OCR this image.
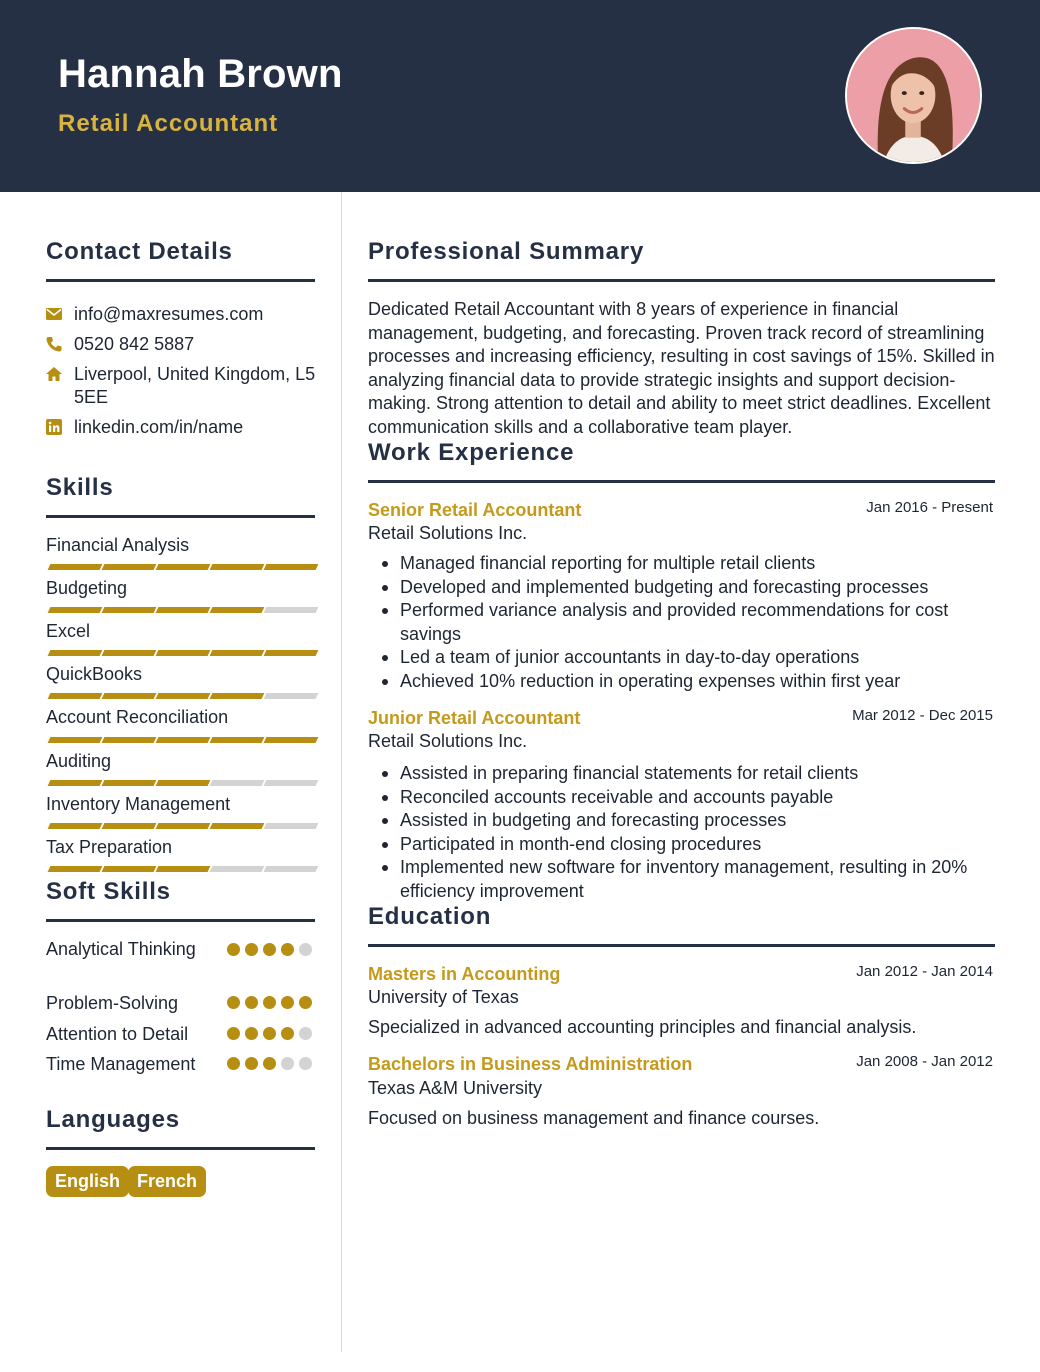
Hannah Brown
Retail Accountant
Contact Details
info@maxresumes.com
0520 842 5887
Liverpool, United Kingdom, L5 5EE
linkedin.com/in/name
Skills
Financial Analysis
Budgeting
Excel
QuickBooks
Account Reconciliation
Auditing
Inventory Management
Tax Preparation
Soft Skills
Analytical Thinking
Problem-Solving
Attention to Detail
Time Management
Languages
English French
Professional Summary
Dedicated Retail Accountant with 8 years of experience in financial management, budgeting, and forecasting. Proven track record of streamlining processes and increasing efficiency, resulting in cost savings of 15%. Skilled in analyzing financial data to provide strategic insights and support decision-making. Strong attention to detail and ability to meet strict deadlines. Excellent communication skills and a collaborative team player.
Work Experience
Senior Retail Accountant	Jan 2016 - Present
Retail Solutions Inc.
Managed financial reporting for multiple retail clients
Developed and implemented budgeting and forecasting processes
Performed variance analysis and provided recommendations for cost savings
Led a team of junior accountants in day-to-day operations
Achieved 10% reduction in operating expenses within first year
Junior Retail Accountant	Mar 2012 - Dec 2015
Retail Solutions Inc.
Assisted in preparing financial statements for retail clients
Reconciled accounts receivable and accounts payable
Assisted in budgeting and forecasting processes
Participated in month-end closing procedures
Implemented new software for inventory management, resulting in 20% efficiency improvement
Education
Masters in Accounting	Jan 2012 - Jan 2014
University of Texas
Specialized in advanced accounting principles and financial analysis.
Bachelors in Business Administration	Jan 2008 - Jan 2012
Texas A&M University
Focused on business management and finance courses.
